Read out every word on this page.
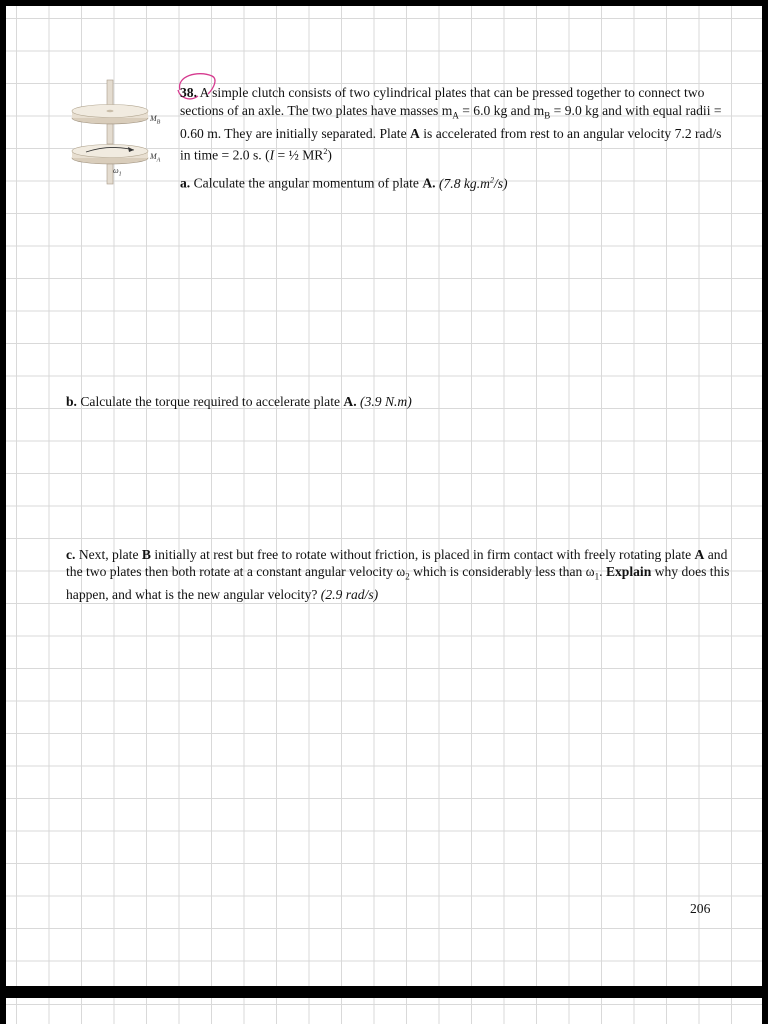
$M_B$
$M_A$
$\omega_1$

38. A simple clutch consists of two cylindrical plates that can be pressed together to connect two sections of an axle. The two plates have masses $m_A = 6.0$ kg and $m_B = 9.0$ kg and with equal radii = 0.60 m. They are initially separated. Plate A is accelerated from rest to an angular velocity 7.2 rad/s in time = 2.0 s. (I = ½ $MR^2$)

a. Calculate the angular momentum of plate A. (7.8 $kg.m^2/s$)

b. Calculate the torque required to accelerate plate A. (3.9 N.m)

c. Next, plate B initially at rest but free to rotate without friction, is placed in firm contact with freely rotating plate A and the two plates then both rotate at a constant angular velocity $\omega_2$ which is considerably less than $\omega_1$. Explain why does this happen, and what is the new angular velocity? (2.9 rad/s)

206
